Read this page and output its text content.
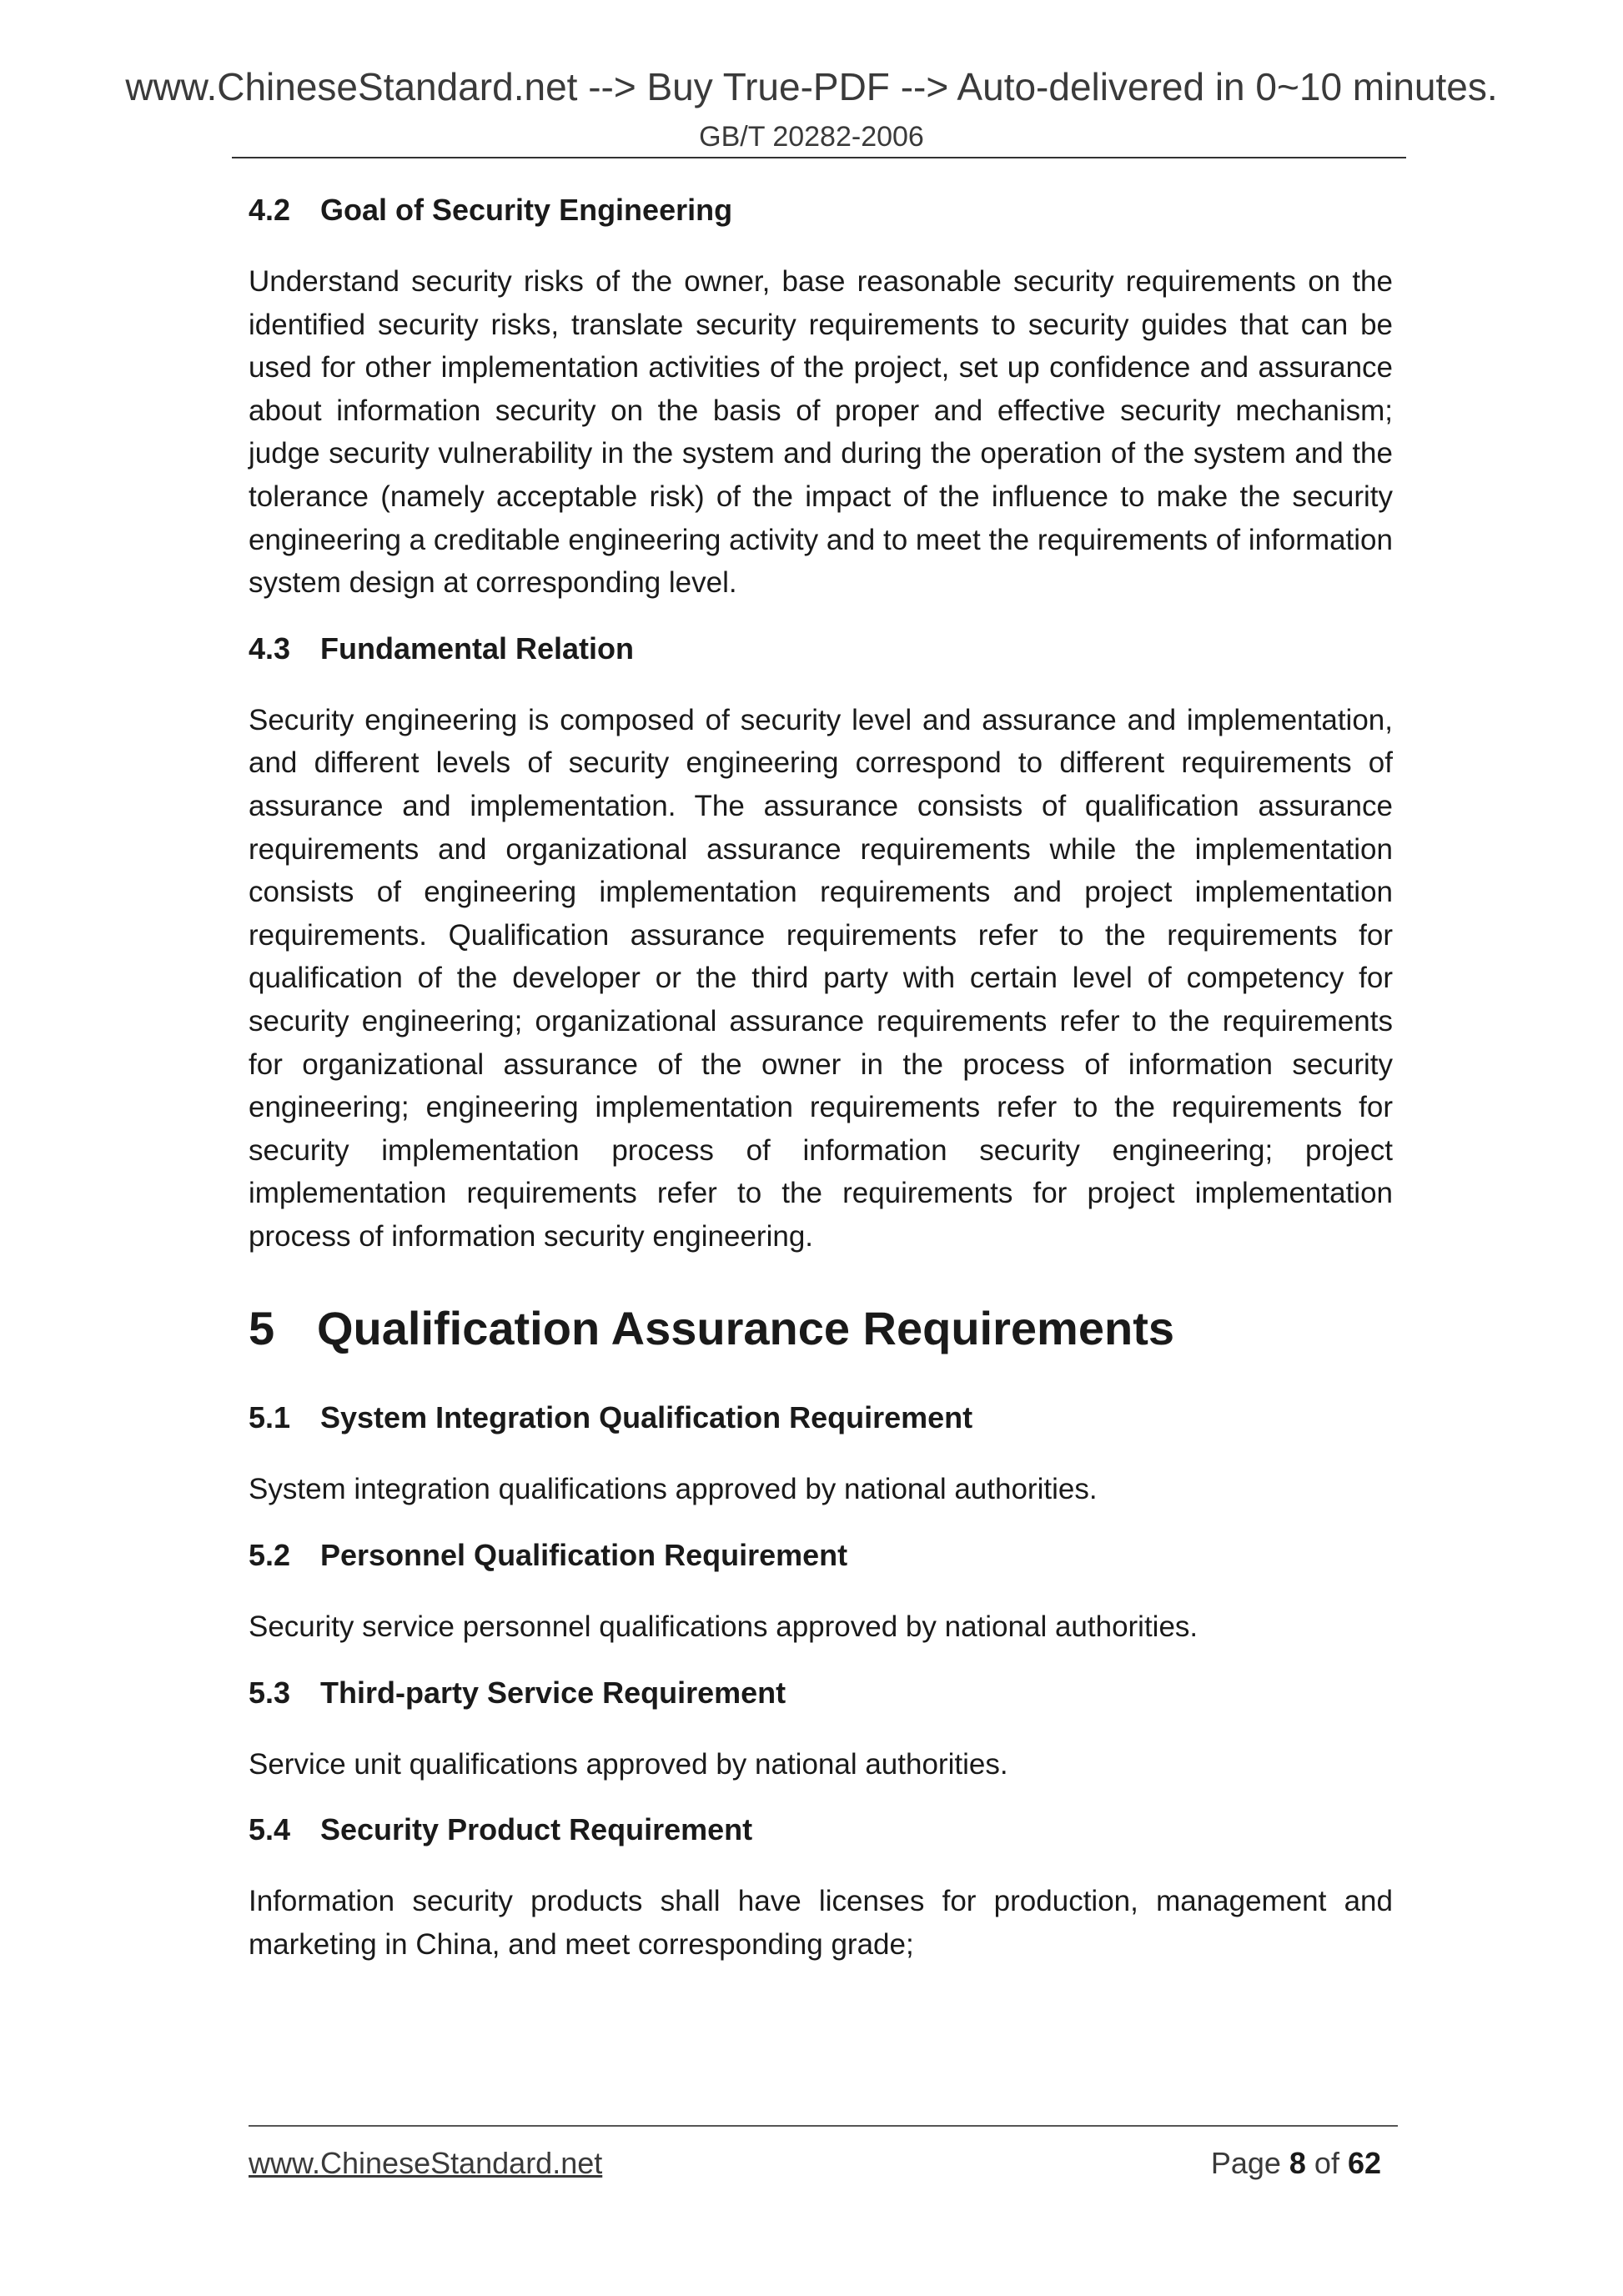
www.ChineseStandard.net --> Buy True-PDF --> Auto-delivered in 0~10 minutes.
GB/T 20282-2006
4.2 Goal of Security Engineering

Understand security risks of the owner, base reasonable security requirements on the identified security risks, translate security requirements to security guides that can be used for other implementation activities of the project, set up confidence and assurance about information security on the basis of proper and effective security mechanism; judge security vulnerability in the system and during the operation of the system and the tolerance (namely acceptable risk) of the impact of the influence to make the security engineering a creditable engineering activity and to meet the requirements of information system design at corresponding level.

4.3 Fundamental Relation

Security engineering is composed of security level and assurance and implementation, and different levels of security engineering correspond to different requirements of assurance and implementation. The assurance consists of qualification assurance requirements and organizational assurance requirements while the implementation consists of engineering implementation requirements and project implementation requirements. Qualification assurance requirements refer to the requirements for qualification of the developer or the third party with certain level of competency for security engineering; organizational assurance requirements refer to the requirements for organizational assurance of the owner in the process of information security engineering; engineering implementation requirements refer to the requirements for security implementation process of information security engineering; project implementation requirements refer to the requirements for project implementation process of information security engineering.

5 Qualification Assurance Requirements
5.1 System Integration Qualification Requirement

System integration qualifications approved by national authorities.

5.2 Personnel Qualification Requirement

Security service personnel qualifications approved by national authorities.

5.3 Third-party Service Requirement

Service unit qualifications approved by national authorities.

5.4 Security Product Requirement

Information security products shall have licenses for production, management and marketing in China, and meet corresponding grade;

www.ChineseStandard.net	Page 8 of 62
